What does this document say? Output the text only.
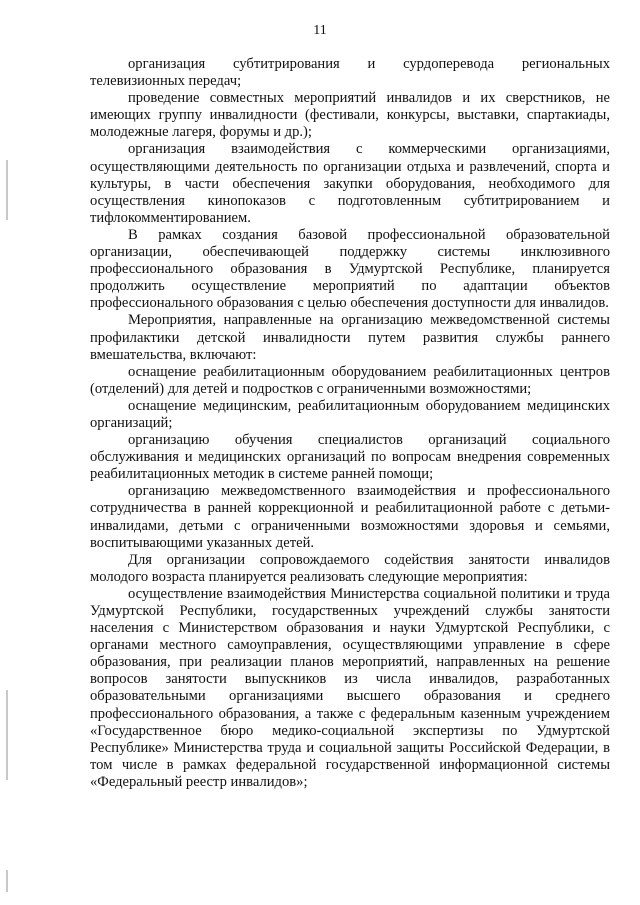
11

организация субтитрирования и сурдоперевода региональных телевизионных передач;

проведение совместных мероприятий инвалидов и их сверстников, не имеющих группу инвалидности (фестивали, конкурсы, выставки, спартакиады, молодежные лагеря, форумы и др.);

организация взаимодействия с коммерческими организациями, осуществляющими деятельность по организации отдыха и развлечений, спорта и культуры, в части обеспечения закупки оборудования, необходимого для осуществления кинопоказов с подготовленным субтитрированием и тифлокомментированием.

В рамках создания базовой профессиональной образовательной организации, обеспечивающей поддержку системы инклюзивного профессионального образования в Удмуртской Республике, планируется продолжить осуществление мероприятий по адаптации объектов профессионального образования с целью обеспечения доступности для инвалидов.

Мероприятия, направленные на организацию межведомственной системы профилактики детской инвалидности путем развития службы раннего вмешательства, включают:

оснащение реабилитационным оборудованием реабилитационных центров (отделений) для детей и подростков с ограниченными возможностями;

оснащение медицинским, реабилитационным оборудованием медицинских организаций;

организацию обучения специалистов организаций социального обслуживания и медицинских организаций по вопросам внедрения современных реабилитационных методик в системе ранней помощи;

организацию межведомственного взаимодействия и профессионального сотрудничества в ранней коррекционной и реабилитационной работе с детьми-инвалидами, детьми с ограниченными возможностями здоровья и семьями, воспитывающими указанных детей.

Для организации сопровождаемого содействия занятости инвалидов молодого возраста планируется реализовать следующие мероприятия:

осуществление взаимодействия Министерства социальной политики и труда Удмуртской Республики, государственных учреждений службы занятости населения с Министерством образования и науки Удмуртской Республики, с органами местного самоуправления, осуществляющими управление в сфере образования, при реализации планов мероприятий, направленных на решение вопросов занятости выпускников из числа инвалидов, разработанных образовательными организациями высшего образования и среднего профессионального образования, а также с федеральным казенным учреждением «Государственное бюро медико-социальной экспертизы по Удмуртской Республике» Министерства труда и социальной защиты Российской Федерации, в том числе в рамках федеральной государственной информационной системы «Федеральный реестр инвалидов»;
